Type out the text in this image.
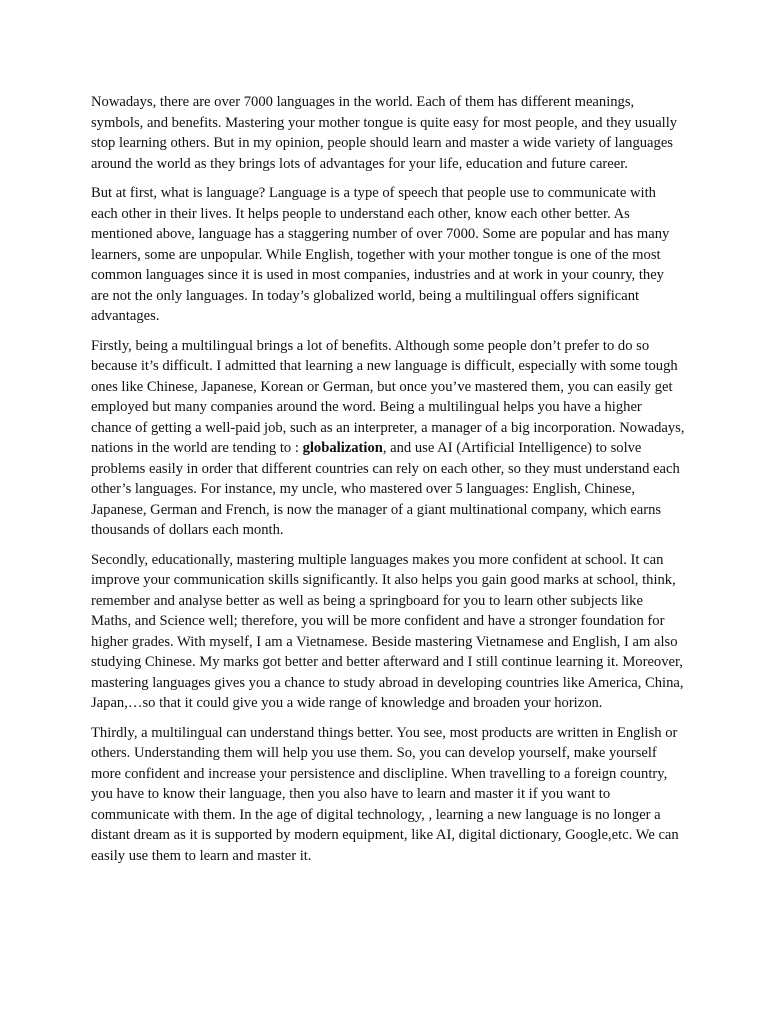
Nowadays, there are over 7000 languages in the world. Each of them has different meanings, symbols, and benefits. Mastering your mother tongue is quite easy for most people, and they usually stop learning others. But in my opinion, people should learn and master a wide variety of languages around the world as they brings lots of advantages for your life, education and future career.

But at first, what is language? Language is a type of speech that people use to communicate with each other in their lives. It helps people to understand each other, know each other better. As mentioned above, language has a staggering number of over 7000. Some are popular and has many learners, some are unpopular. While English, together with your mother tongue is one of the most common languages since it is used in most companies, industries and at work in your counry, they are not the only languages. In today’s globalized world, being a multilingual offers significant advantages.

Firstly, being a multilingual brings a lot of benefits. Although some people don’t prefer to do so because it’s difficult. I admitted that learning a new language is difficult, especially with some tough ones like Chinese, Japanese, Korean or German, but once you’ve mastered them, you can easily get employed but many companies around the word. Being a multilingual helps you have a higher chance of getting a well-paid job, such as an interpreter, a manager of a big incorporation. Nowadays, nations in the world are tending to : globalization, and use AI (Artificial Intelligence) to solve problems easily in order that different countries can rely on each other, so they must understand each other’s languages. For instance, my uncle, who mastered over 5 languages: English, Chinese, Japanese, German and French, is now the manager of a giant multinational company, which earns thousands of dollars each month.

Secondly, educationally, mastering multiple languages makes you more confident at school. It can improve your communication skills significantly. It also helps you gain good marks at school, think, remember and analyse better as well as being a springboard for you to learn other subjects like Maths, and Science well; therefore, you will be more confident and have a stronger foundation for higher grades. With myself, I am a Vietnamese. Beside mastering Vietnamese and English, I am also studying Chinese. My marks got better and better afterward and I still continue learning it. Moreover, mastering languages gives you a chance to study abroad in developing countries like America, China, Japan,…so that it could give you a wide range of knowledge and broaden your horizon.

Thirdly, a multilingual can understand things better. You see, most products are written in English or others. Understanding them will help you use them. So, you can develop yourself, make yourself more confident and increase your persistence and disclipline. When travelling to a foreign country, you have to know their language, then you also have to learn and master it if you want to communicate with them. In the age of digital technology, , learning a new language is no longer a distant dream as it is supported by modern equipment, like AI, digital dictionary, Google,etc. We can easily use them to learn and master it.
